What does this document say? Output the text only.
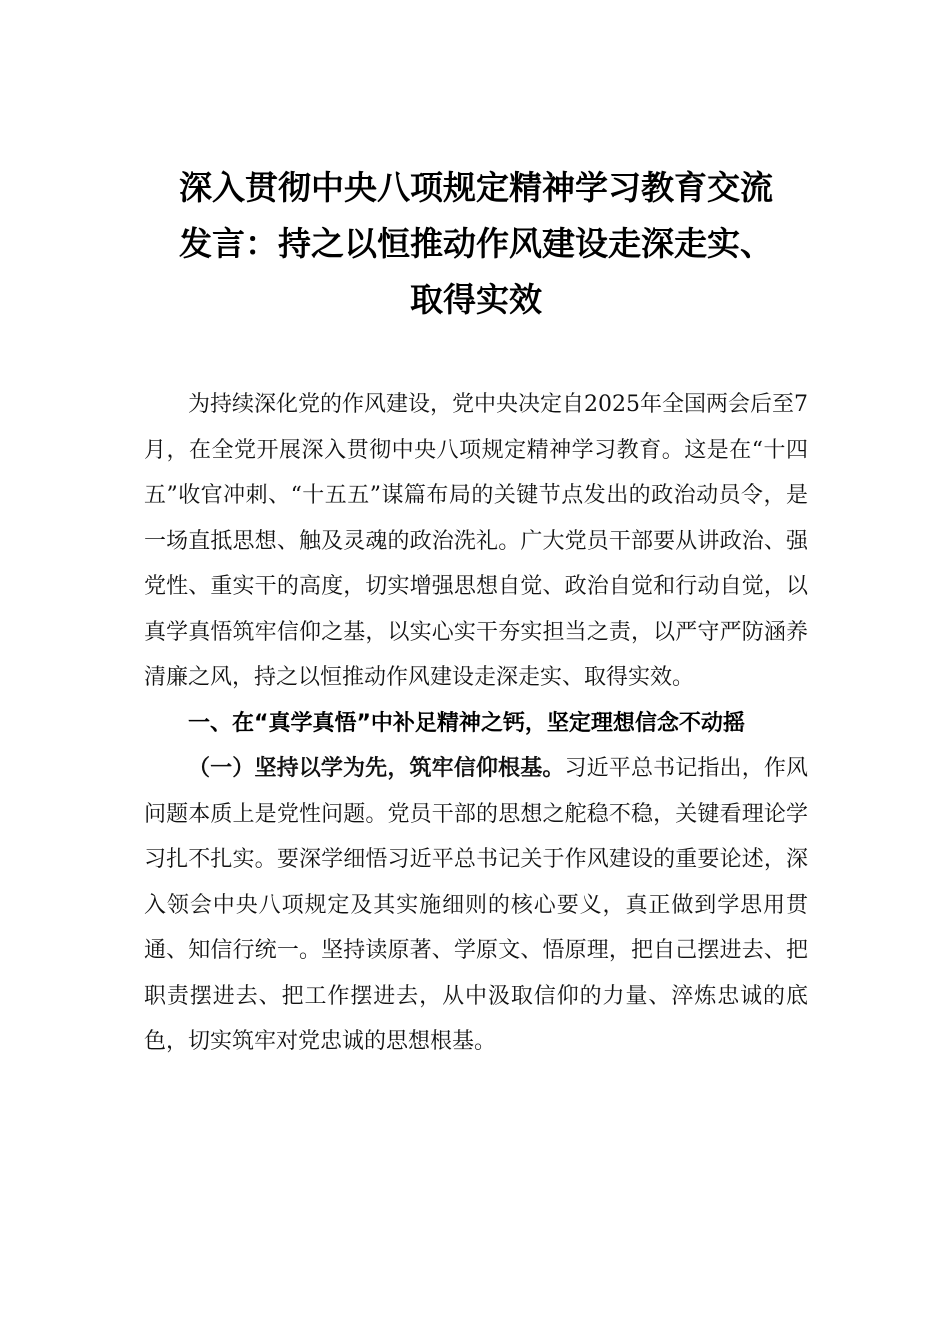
深入贯彻中央八项规定精神学习教育交流
发言：持之以恒推动作风建设走深走实、
取得实效

为持续深化党的作风建设，党中央决定自2025年全国两会后至7月，在全党开展深入贯彻中央八项规定精神学习教育。这是在“十四五”收官冲刺、“十五五”谋篇布局的关键节点发出的政治动员令，是一场直抵思想、触及灵魂的政治洗礼。广大党员干部要从讲政治、强党性、重实干的高度，切实增强思想自觉、政治自觉和行动自觉，以真学真悟筑牢信仰之基，以实心实干夯实担当之责，以严守严防涵养清廉之风，持之以恒推动作风建设走深走实、取得实效。

一、在“真学真悟”中补足精神之钙，坚定理想信念不动摇

（一）坚持以学为先，筑牢信仰根基。习近平总书记指出，作风问题本质上是党性问题。党员干部的思想之舵稳不稳，关键看理论学习扎不扎实。要深学细悟习近平总书记关于作风建设的重要论述，深入领会中央八项规定及其实施细则的核心要义，真正做到学思用贯通、知信行统一。坚持读原著、学原文、悟原理，把自己摆进去、把职责摆进去、把工作摆进去，从中汲取信仰的力量、淬炼忠诚的底色，切实筑牢对党忠诚的思想根基。
